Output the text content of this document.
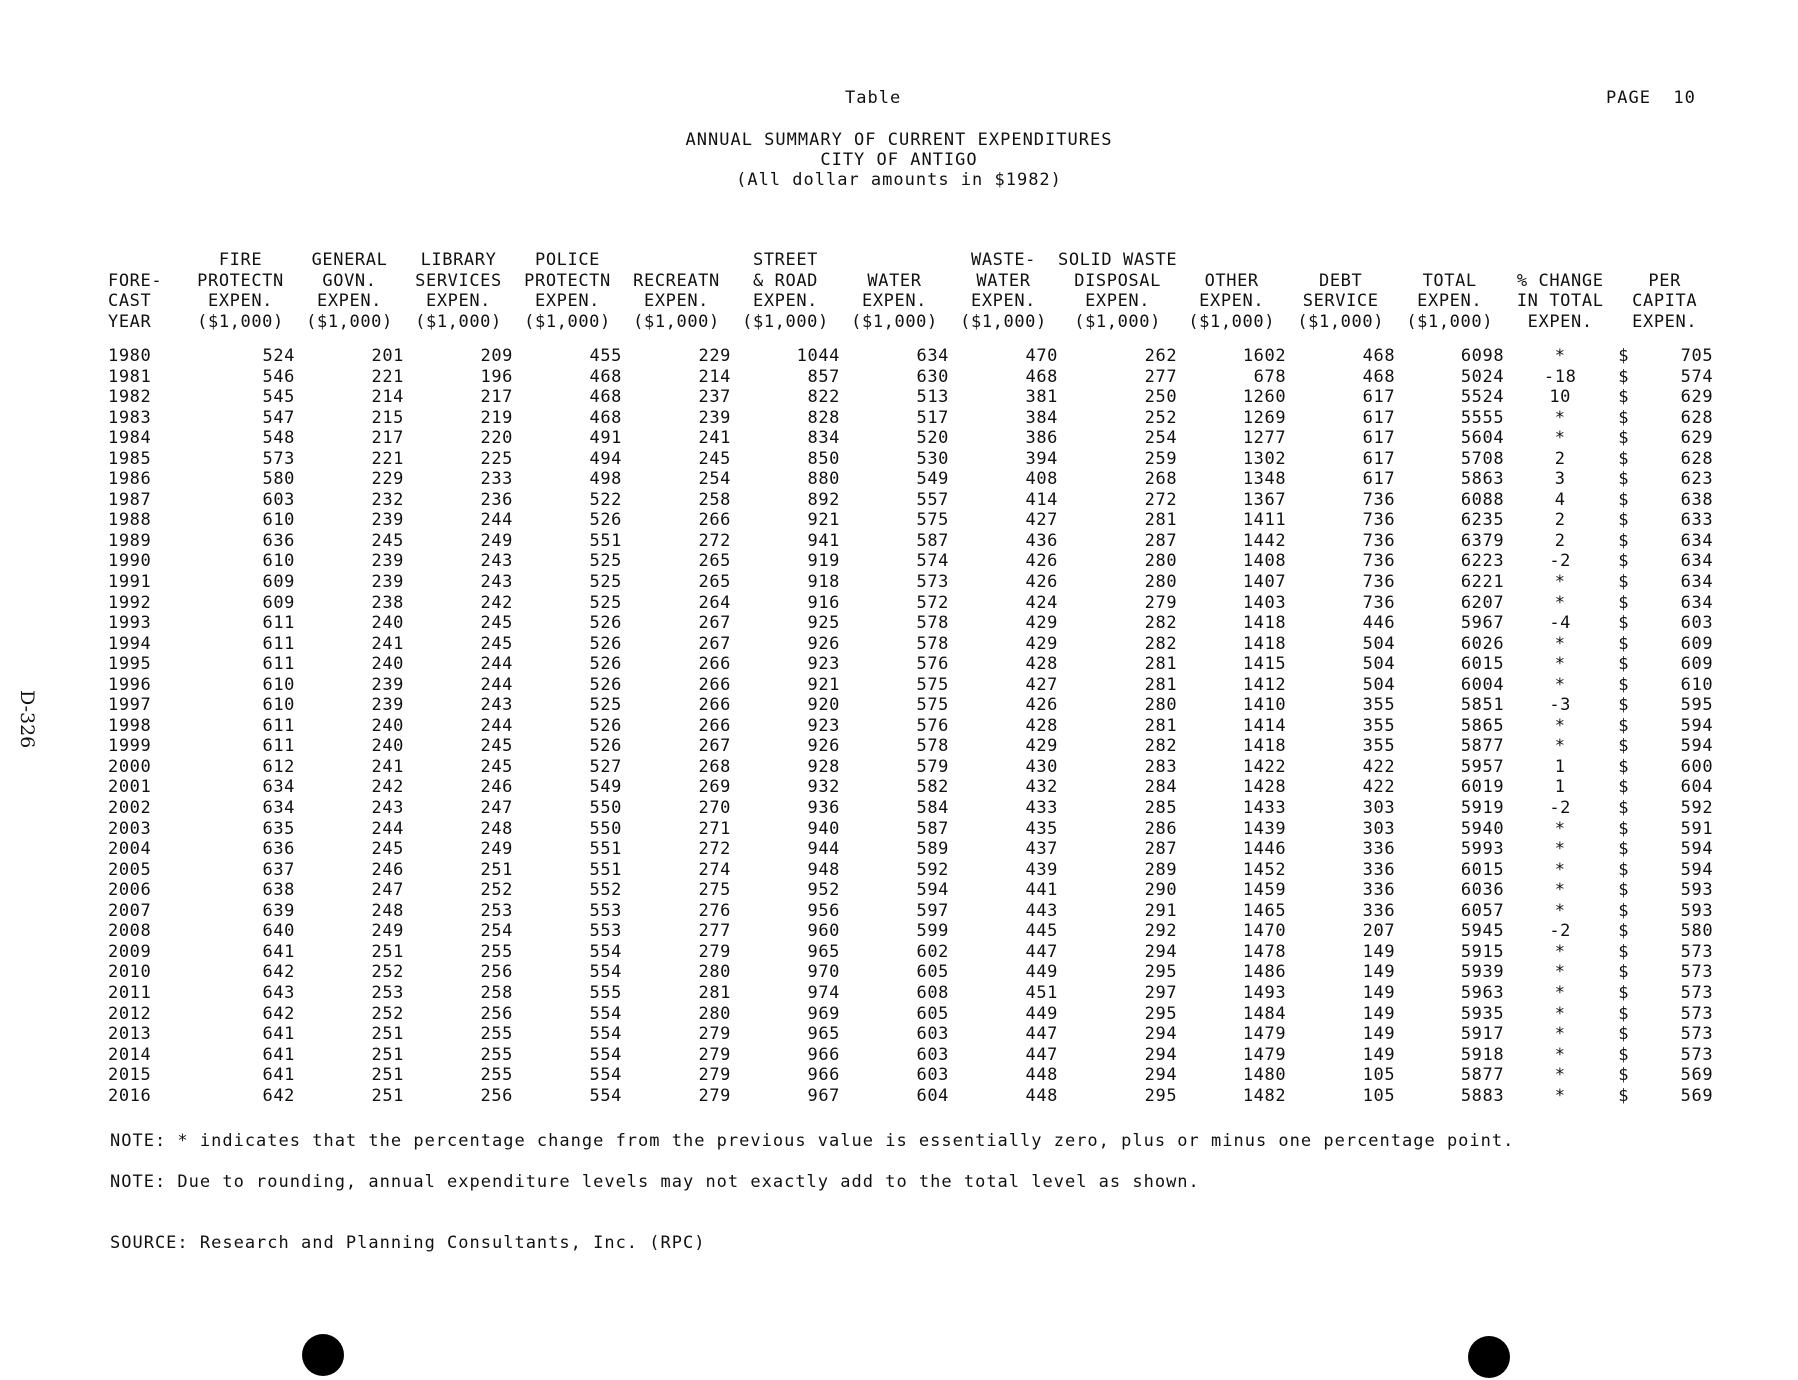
Table	PAGE  10
ANNUAL SUMMARY OF CURRENT EXPENDITURES
CITY OF ANTIGO
(All dollar amounts in $1982)
D-326
	FIRE	GENERAL	LIBRARY	POLICE		STREET		WASTE-	SOLID WASTE						
FORE-	PROTECTN	GOVN.	SERVICES	PROTECTN	RECREATN	& ROAD	WATER	WATER	DISPOSAL	OTHER	DEBT	TOTAL	% CHANGE	PER	
CAST	EXPEN.	EXPEN.	EXPEN.	EXPEN.	EXPEN.	EXPEN.	EXPEN.	EXPEN.	EXPEN.	EXPEN.	SERVICE	EXPEN.	IN TOTAL	CAPITA	
YEAR	($1,000)	($1,000)	($1,000)	($1,000)	($1,000)	($1,000)	($1,000)	($1,000)	($1,000)	($1,000)	($1,000)	($1,000)	EXPEN.	EXPEN.	
1980	524	201	209	455	229	1044	634	470	262	1602	468	6098	*	$	705
1981	546	221	196	468	214	857	630	468	277	678	468	5024	-18	$	574
1982	545	214	217	468	237	822	513	381	250	1260	617	5524	10	$	629
1983	547	215	219	468	239	828	517	384	252	1269	617	5555	*	$	628
1984	548	217	220	491	241	834	520	386	254	1277	617	5604	*	$	629
1985	573	221	225	494	245	850	530	394	259	1302	617	5708	2	$	628
1986	580	229	233	498	254	880	549	408	268	1348	617	5863	3	$	623
1987	603	232	236	522	258	892	557	414	272	1367	736	6088	4	$	638
1988	610	239	244	526	266	921	575	427	281	1411	736	6235	2	$	633
1989	636	245	249	551	272	941	587	436	287	1442	736	6379	2	$	634
1990	610	239	243	525	265	919	574	426	280	1408	736	6223	-2	$	634
1991	609	239	243	525	265	918	573	426	280	1407	736	6221	*	$	634
1992	609	238	242	525	264	916	572	424	279	1403	736	6207	*	$	634
1993	611	240	245	526	267	925	578	429	282	1418	446	5967	-4	$	603
1994	611	241	245	526	267	926	578	429	282	1418	504	6026	*	$	609
1995	611	240	244	526	266	923	576	428	281	1415	504	6015	*	$	609
1996	610	239	244	526	266	921	575	427	281	1412	504	6004	*	$	610
1997	610	239	243	525	266	920	575	426	280	1410	355	5851	-3	$	595
1998	611	240	244	526	266	923	576	428	281	1414	355	5865	*	$	594
1999	611	240	245	526	267	926	578	429	282	1418	355	5877	*	$	594
2000	612	241	245	527	268	928	579	430	283	1422	422	5957	1	$	600
2001	634	242	246	549	269	932	582	432	284	1428	422	6019	1	$	604
2002	634	243	247	550	270	936	584	433	285	1433	303	5919	-2	$	592
2003	635	244	248	550	271	940	587	435	286	1439	303	5940	*	$	591
2004	636	245	249	551	272	944	589	437	287	1446	336	5993	*	$	594
2005	637	246	251	551	274	948	592	439	289	1452	336	6015	*	$	594
2006	638	247	252	552	275	952	594	441	290	1459	336	6036	*	$	593
2007	639	248	253	553	276	956	597	443	291	1465	336	6057	*	$	593
2008	640	249	254	553	277	960	599	445	292	1470	207	5945	-2	$	580
2009	641	251	255	554	279	965	602	447	294	1478	149	5915	*	$	573
2010	642	252	256	554	280	970	605	449	295	1486	149	5939	*	$	573
2011	643	253	258	555	281	974	608	451	297	1493	149	5963	*	$	573
2012	642	252	256	554	280	969	605	449	295	1484	149	5935	*	$	573
2013	641	251	255	554	279	965	603	447	294	1479	149	5917	*	$	573
2014	641	251	255	554	279	966	603	447	294	1479	149	5918	*	$	573
2015	641	251	255	554	279	966	603	448	294	1480	105	5877	*	$	569
2016	642	251	256	554	279	967	604	448	295	1482	105	5883	*	$	569
NOTE: * indicates that the percentage change from the previous value is essentially zero, plus or minus one percentage point.
NOTE: Due to rounding, annual expenditure levels may not exactly add to the total level as shown.
SOURCE: Research and Planning Consultants, Inc. (RPC)
